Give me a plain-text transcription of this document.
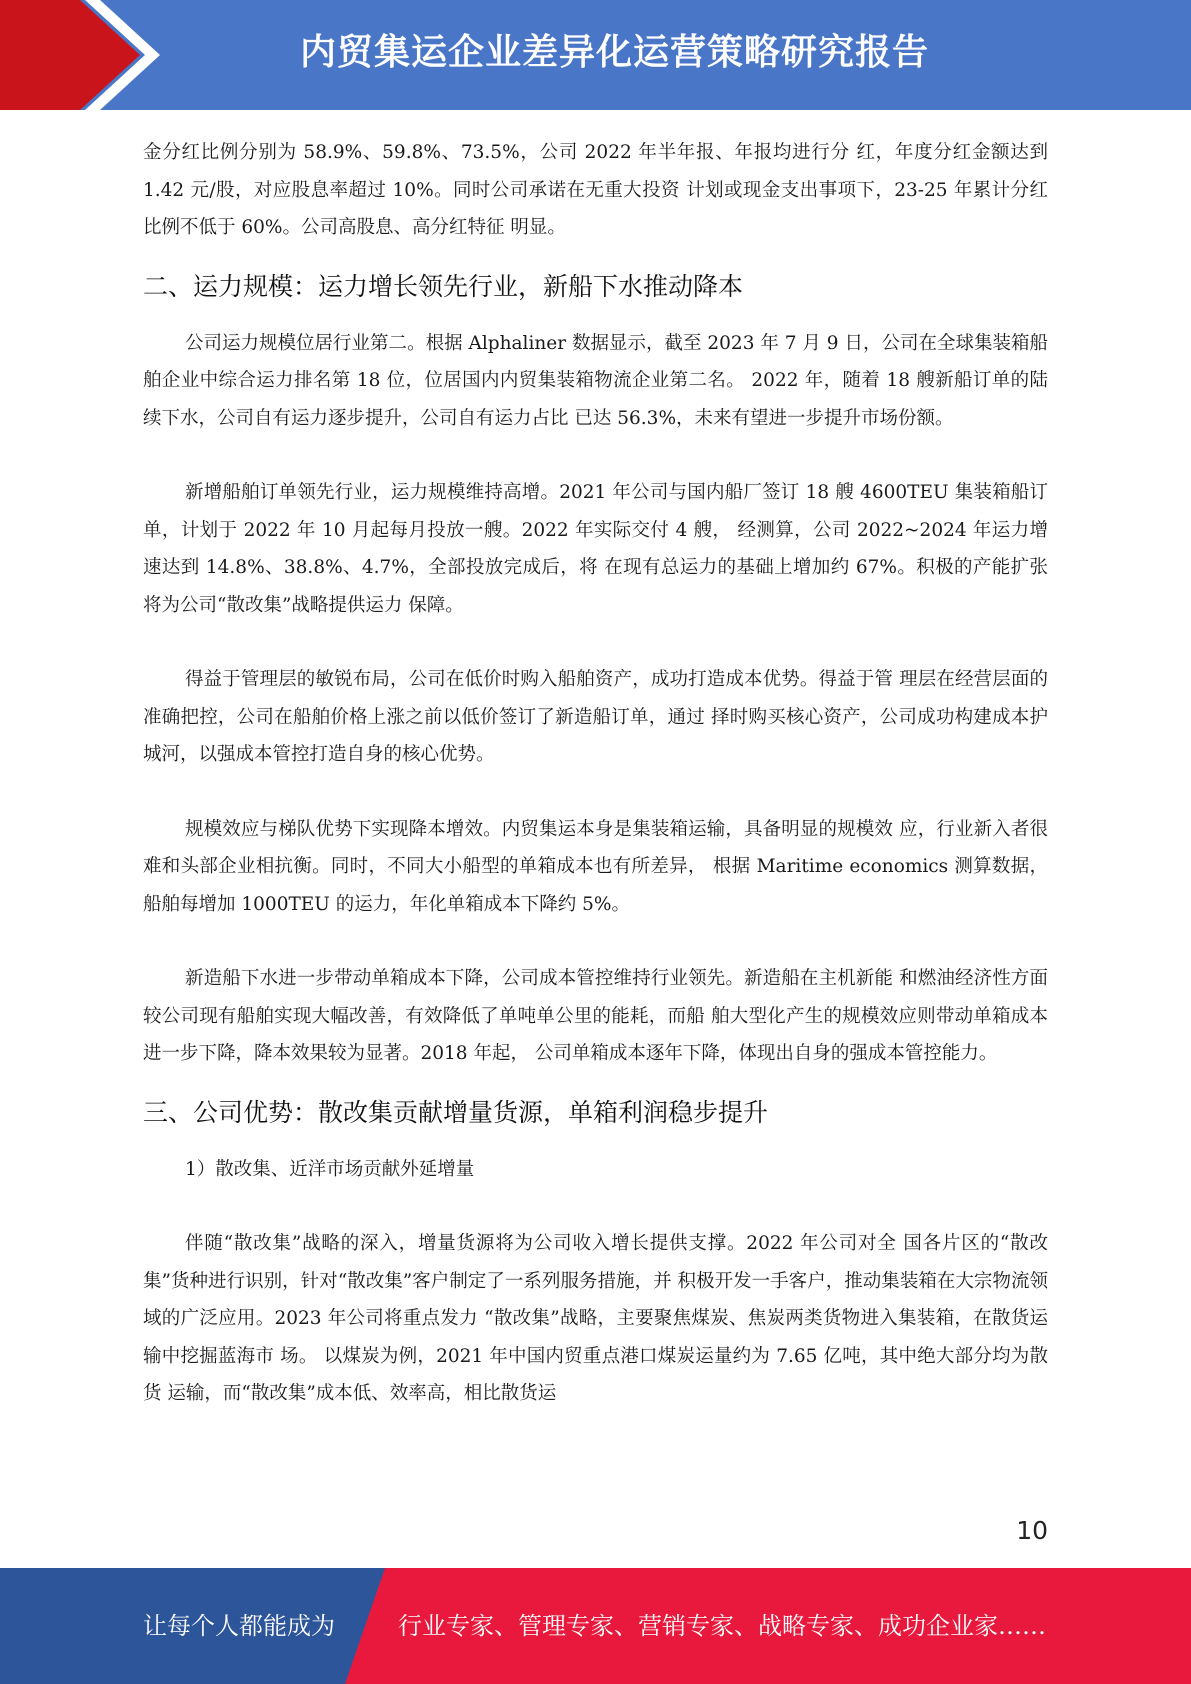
内贸集运企业差异化运营策略研究报告

金分红比例分别为 58.9%、59.8%、73.5%，公司 2022 年半年报、年报均进行分 红，年度分红金额达到 1.42 元/股，对应股息率超过 10%。同时公司承诺在无重大投资 计划或现金支出事项下，23-25 年累计分红比例不低于 60%。公司高股息、高分红特征 明显。

二、运力规模：运力增长领先行业，新船下水推动降本

公司运力规模位居行业第二。根据 Alphaliner 数据显示，截至 2023 年 7 月 9 日，公司在全球集装箱船舶企业中综合运力排名第 18 位，位居国内内贸集装箱物流企业第二名。 2022 年，随着 18 艘新船订单的陆续下水，公司自有运力逐步提升，公司自有运力占比 已达 56.3%，未来有望进一步提升市场份额。

新增船舶订单领先行业，运力规模维持高增。2021 年公司与国内船厂签订 18 艘 4600TEU 集装箱船订单，计划于 2022 年 10 月起每月投放一艘。2022 年实际交付 4 艘， 经测算，公司 2022~2024 年运力增速达到 14.8%、38.8%、4.7%，全部投放完成后，将 在现有总运力的基础上增加约 67%。积极的产能扩张将为公司“散改集”战略提供运力 保障。

得益于管理层的敏锐布局，公司在低价时购入船舶资产，成功打造成本优势。得益于管 理层在经营层面的准确把控，公司在船舶价格上涨之前以低价签订了新造船订单，通过 择时购买核心资产，公司成功构建成本护城河，以强成本管控打造自身的核心优势。

规模效应与梯队优势下实现降本增效。内贸集运本身是集装箱运输，具备明显的规模效 应，行业新入者很难和头部企业相抗衡。同时，不同大小船型的单箱成本也有所差异， 根据 Maritime economics 测算数据，船舶每增加 1000TEU 的运力，年化单箱成本下降约 5%。

新造船下水进一步带动单箱成本下降，公司成本管控维持行业领先。新造船在主机新能 和燃油经济性方面较公司现有船舶实现大幅改善，有效降低了单吨单公里的能耗，而船 舶大型化产生的规模效应则带动单箱成本进一步下降，降本效果较为显著。2018 年起， 公司单箱成本逐年下降，体现出自身的强成本管控能力。

三、公司优势：散改集贡献增量货源，单箱利润稳步提升

1）散改集、近洋市场贡献外延增量

伴随“散改集”战略的深入，增量货源将为公司收入增长提供支撑。2022 年公司对全 国各片区的“散改集”货种进行识别，针对“散改集”客户制定了一系列服务措施，并 积极开发一手客户，推动集装箱在大宗物流领域的广泛应用。2023 年公司将重点发力 “散改集”战略，主要聚焦煤炭、焦炭两类货物进入集装箱，在散货运输中挖掘蓝海市 场。 以煤炭为例，2021 年中国内贸重点港口煤炭运量约为 7.65 亿吨，其中绝大部分均为散货 运输，而“散改集”成本低、效率高，相比散货运

10
让每个人都能成为	行业专家、管理专家、营销专家、战略专家、成功企业家……
